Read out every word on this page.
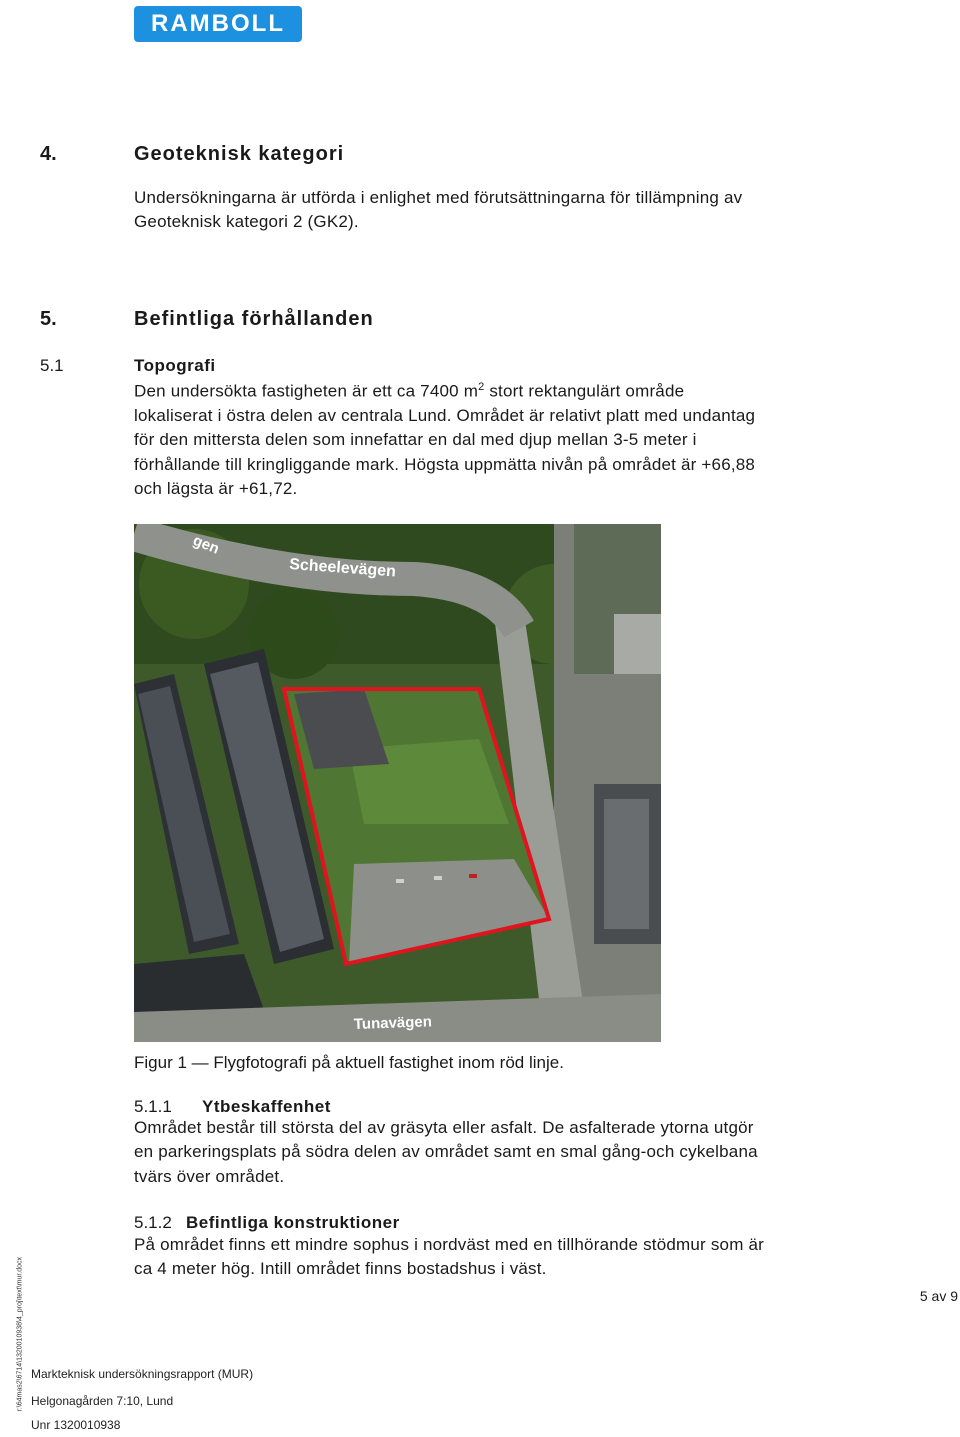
RAMBOLL
4.	Geoteknisk kategori
Undersökningarna är utförda i enlighet med förutsättningarna för tillämpning av
Geoteknisk kategori 2 (GK2).
5.	Befintliga förhållanden
5.1	Topografi
Den undersökta fastigheten är ett ca 7400 $m^2$ stort rektangulärt område
lokaliserat i östra delen av centrala Lund. Området är relativt platt med undantag
för den mittersta delen som innefattar en dal med djup mellan 3-5 meter i
förhållande till kringliggande mark. Högsta uppmätta nivån på området är +66,88
och lägsta är +61,72.
gen
Scheelevägen
Tunavägen
Figur 1 — Flygfotografi på aktuell fastighet inom röd linje.
5.1.1 Ytbeskaffenhet
Området består till största del av gräsyta eller asfalt. De asfalterade ytorna utgör
en parkeringsplats på södra delen av området samt en smal gång-och cykelbana
tvärs över området.
5.1.2 Befintliga konstruktioner
På området finns ett mindre sophus i nordväst med en tillhörande stödmur som är
ca 4 meter hög. Intill området finns bostadshus i väst.
5 av 9
Markteknisk undersökningsrapport (MUR)
Helgonagården 7:10, Lund
Unr 1320010938
r:\64mas2\6714\1320010938\4_proj\text\mur.docx
